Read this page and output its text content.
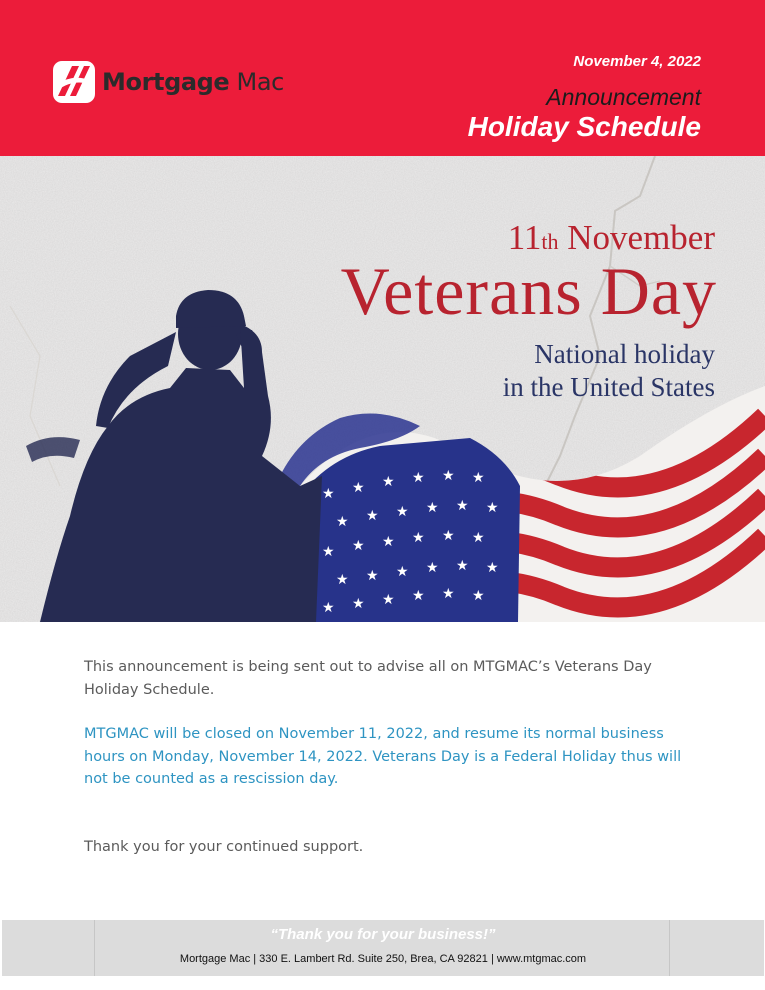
Mortgage Mac
November 4, 2022
Announcement
Holiday Schedule
★ ★ ★ ★ ★ ★
★ ★ ★ ★ ★ ★
★ ★ ★ ★ ★ ★
★ ★ ★ ★ ★ ★
★ ★ ★ ★ ★ ★
11th November
Veterans Day
National holiday
in the United States

This announcement is being sent out to advise all on MTGMAC’s Veterans Day Holiday Schedule.

MTGMAC will be closed on November 11, 2022, and resume its normal business hours on Monday, November 14, 2022. Veterans Day is a Federal Holiday thus will not be counted as a rescission day.

Thank you for your continued support.

“Thank you for your business!”
Mortgage Mac | 330 E. Lambert Rd. Suite 250, Brea, CA 92821 | www.mtgmac.com
